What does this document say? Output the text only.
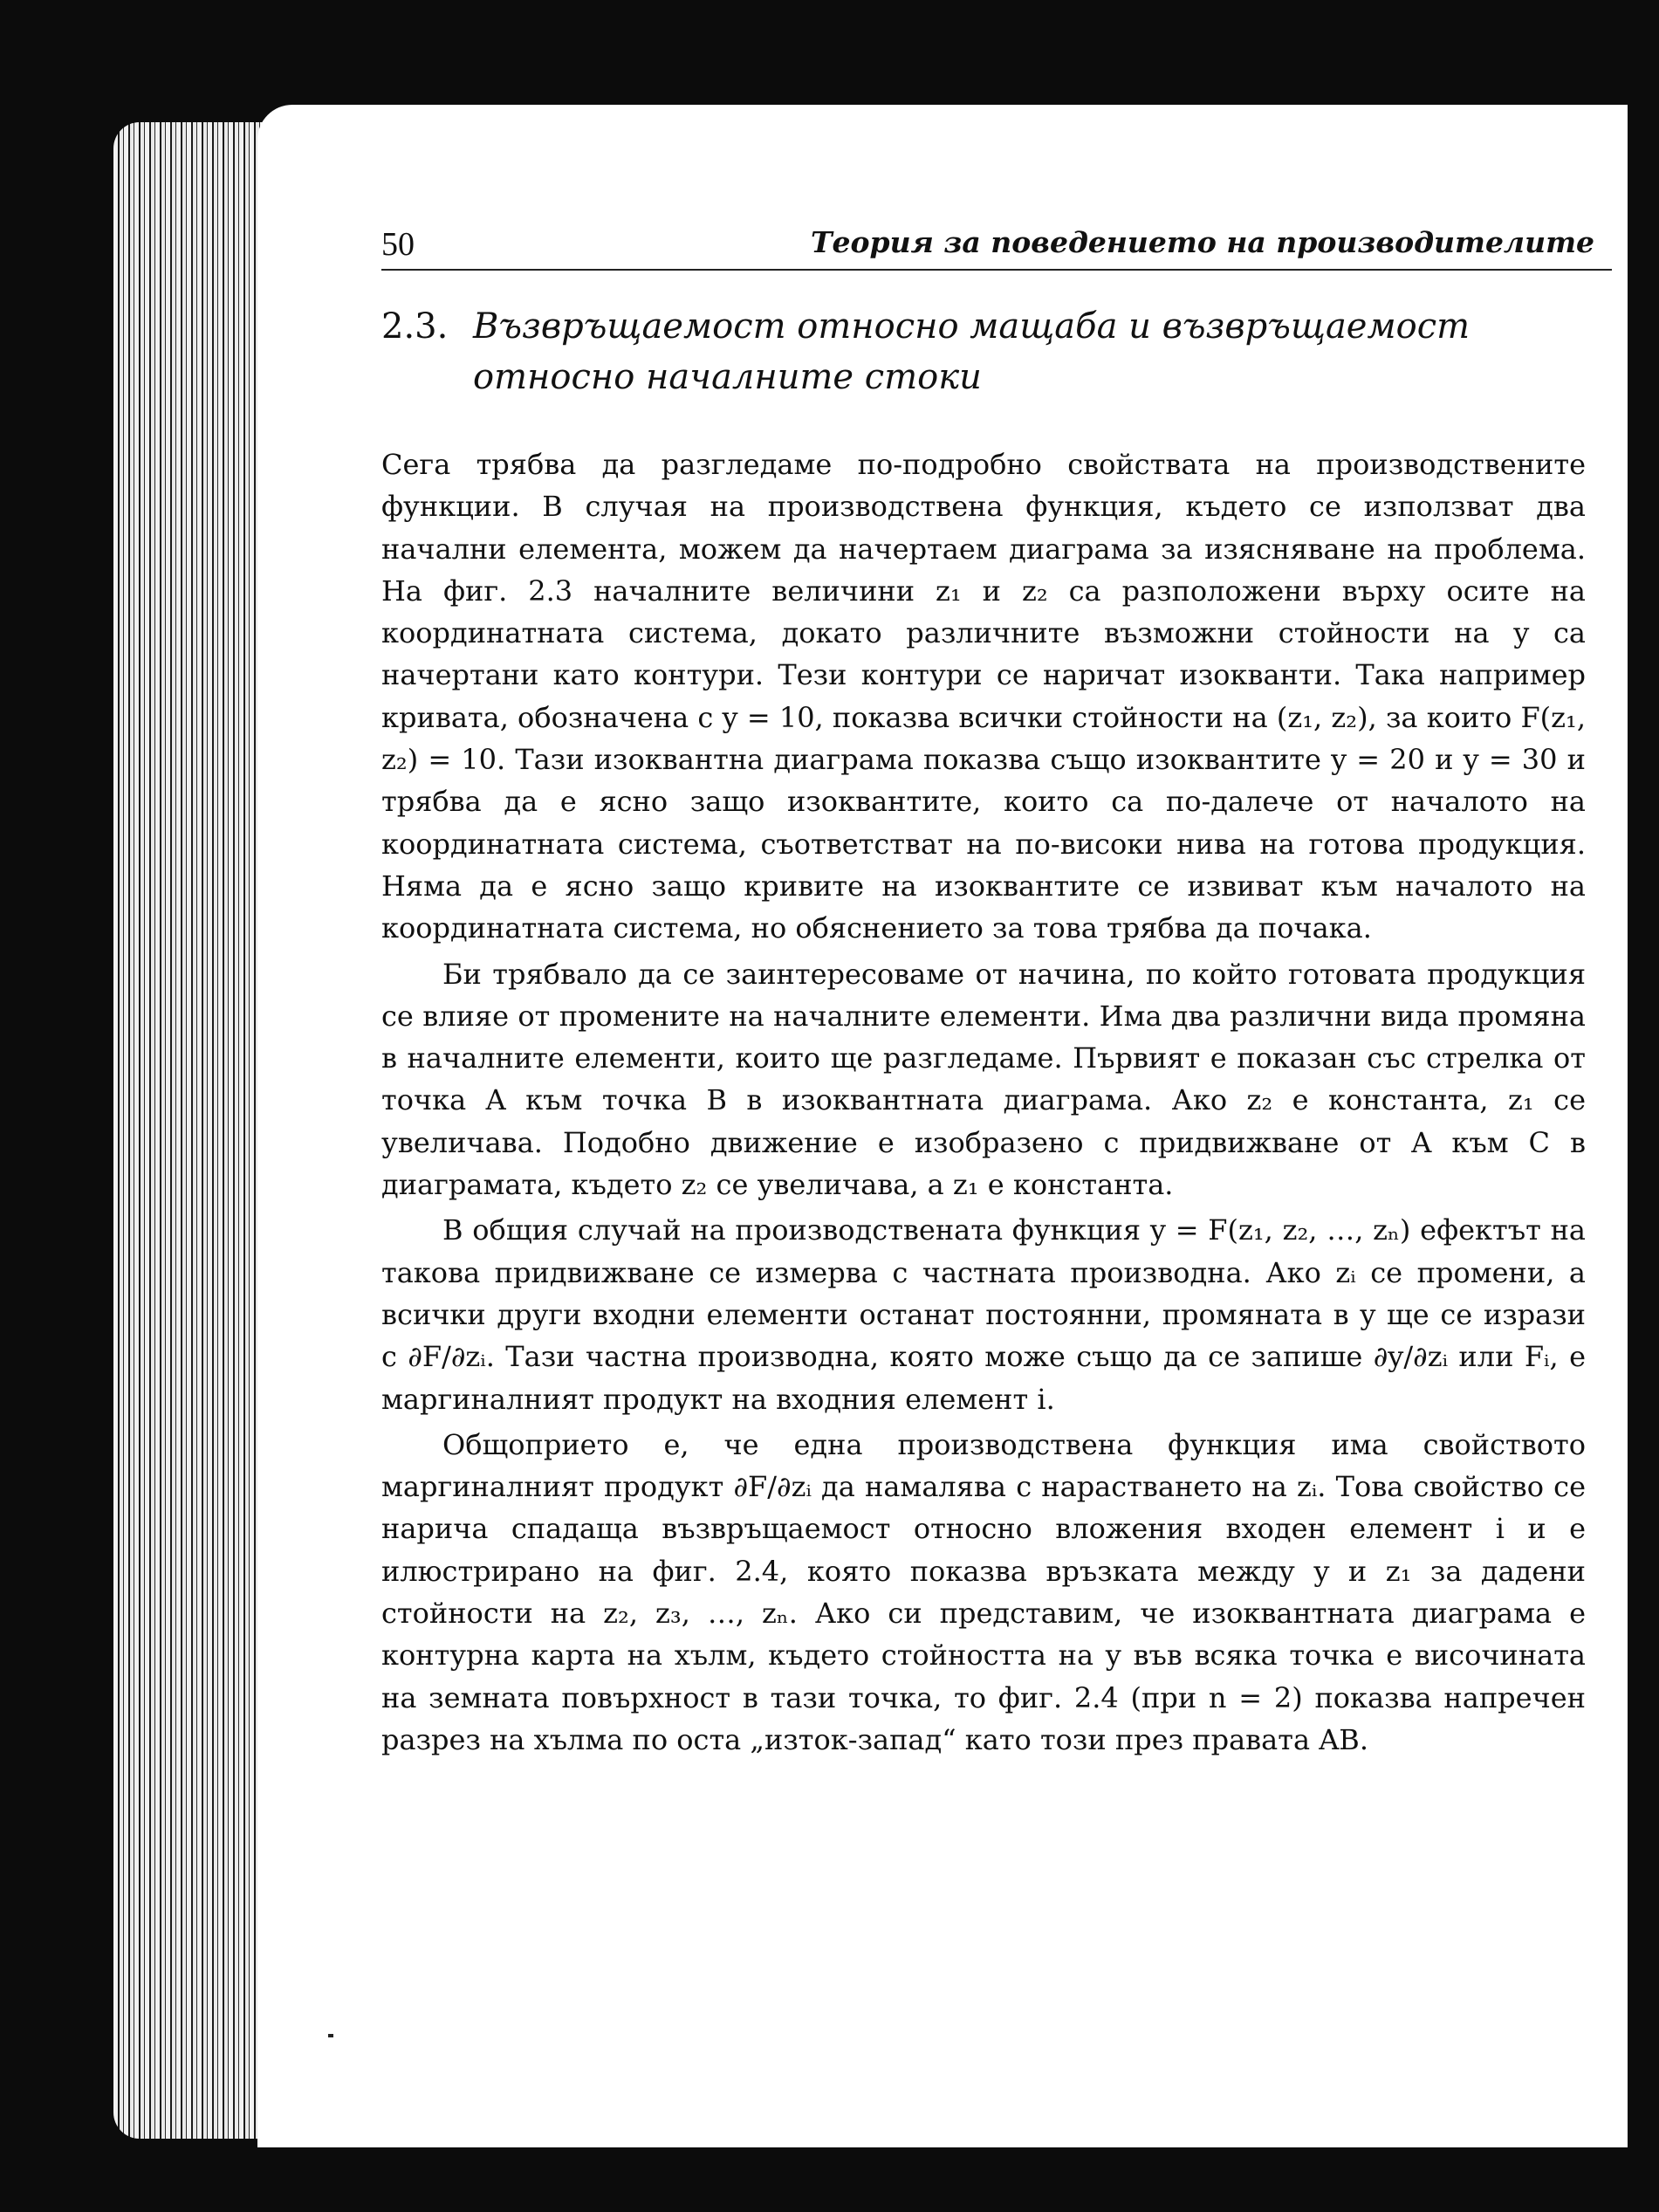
50	Теория за поведението на производителите
2.3. Възвръщаемост относно мащаба и възвръщаемост
относно началните стоки

Сега трябва да разгледаме по-подробно свойствата на производствените функции. В случая на производствена функция, където се използват два начални елемента, можем да начертаем диаграма за изясняване на проблема. На фиг. 2.3 началните величини z₁ и z₂ са разположени върху осите на координатната система, докато различните възможни стойности на y са начертани като контури. Тези контури се наричат изокванти. Така например кривата, обозначена с y = 10, показва всички стойности на (z₁, z₂), за които F(z₁, z₂) = 10. Тази изоквантна диаграма показва също изоквантите y = 20 и y = 30 и трябва да е ясно защо изоквантите, които са по-далече от началото на координатната система, съответстват на по-високи нива на готова продукция. Няма да е ясно защо кривите на изоквантите се извиват към началото на координатната система, но обяснението за това трябва да почака.

Би трябвало да се заинтересоваме от начина, по който готовата продукция се влияе от промените на началните елементи. Има два различни вида промяна в началните елементи, които ще разгледаме. Първият е показан със стрелка от точка A към точка B в изоквантната диаграма. Ако z₂ е константа, z₁ се увеличава. Подобно движение е изобразено с придвижване от A към C в диаграмата, където z₂ се увеличава, а z₁ е константа.

В общия случай на производствената функция y = F(z₁, z₂, …, zₙ) ефектът на такова придвижване се измерва с частната производна. Ако zᵢ се промени, а всички други входни елементи останат постоянни, промяната в y ще се изрази с ∂F/∂zᵢ. Тази частна производна, която може също да се запише ∂y/∂zᵢ или Fᵢ, е маргиналният продукт на входния елемент i.

Общоприето е, че една производствена функция има свойството маргиналният продукт ∂F/∂zᵢ да намалява с нарастването на zᵢ. Това свойство се нарича спадаща възвръщаемост относно вложения входен елемент i и е илюстрирано на фиг. 2.4, която показва връзката между y и z₁ за дадени стойности на z₂, z₃, …, zₙ. Ако си представим, че изоквантната диаграма е контурна карта на хълм, където стойността на y във всяка точка е височината на земната повърхност в тази точка, то фиг. 2.4 (при n = 2) показва напречен разрез на хълма по оста „изток-запад“ като този през правата AB.
